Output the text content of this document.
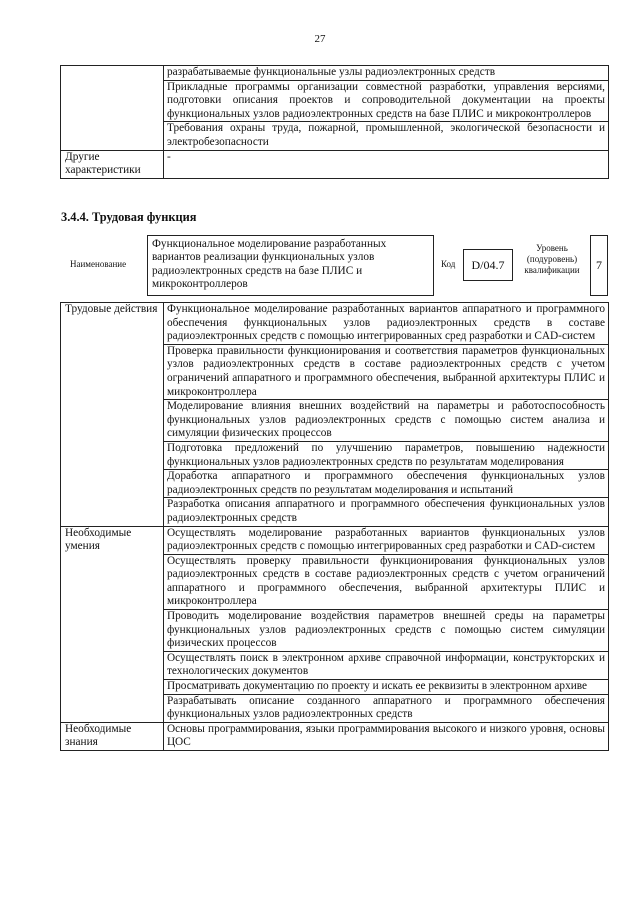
27
	разрабатываемые функциональные узлы радиоэлектронных средств
	Прикладные программы организации совместной разработки, управления версиями, подготовки описания проектов и сопроводительной документации на проекты функциональных узлов радиоэлектронных средств на базе ПЛИС и микроконтроллеров
	Требования охраны труда, пожарной, промышленной, экологической безопасности и электробезопасности
Другие характеристики	-
3.4.4. Трудовая функция
Наименование
Функциональное моделирование разработанных вариантов реализации функциональных узлов радиоэлектронных средств на базе ПЛИС и микроконтроллеров
Код	D/04.7
Уровень (подуровень) квалификации	7
Трудовые действия	Функциональное моделирование разработанных вариантов аппаратного и программного обеспечения функциональных узлов радиоэлектронных средств в составе радиоэлектронных средств с помощью интегрированных сред разработки и CAD-систем
	Проверка правильности функционирования и соответствия параметров функциональных узлов радиоэлектронных средств в составе радиоэлектронных средств с учетом ограничений аппаратного и программного обеспечения, выбранной архитектуры ПЛИС и микроконтроллера
	Моделирование влияния внешних воздействий на параметры и работоспособность функциональных узлов радиоэлектронных средств с помощью систем анализа и симуляции физических процессов
	Подготовка предложений по улучшению параметров, повышению надежности функциональных узлов радиоэлектронных средств по результатам моделирования
	Доработка аппаратного и программного обеспечения функциональных узлов радиоэлектронных средств по результатам моделирования и испытаний
	Разработка описания аппаратного и программного обеспечения функциональных узлов радиоэлектронных средств
Необходимые умения	Осуществлять моделирование разработанных вариантов функциональных узлов радиоэлектронных средств с помощью интегрированных сред разработки и CAD-систем
	Осуществлять проверку правильности функционирования функциональных узлов радиоэлектронных средств в составе радиоэлектронных средств с учетом ограничений аппаратного и программного обеспечения, выбранной архитектуры ПЛИС и микроконтроллера
	Проводить моделирование воздействия параметров внешней среды на параметры функциональных узлов радиоэлектронных средств с помощью систем симуляции физических процессов
	Осуществлять поиск в электронном архиве справочной информации, конструкторских и технологических документов
	Просматривать документацию по проекту и искать ее реквизиты в электронном архиве
	Разрабатывать описание созданного аппаратного и программного обеспечения функциональных узлов радиоэлектронных средств
Необходимые знания	Основы программирования, языки программирования высокого и низкого уровня, основы ЦОС
